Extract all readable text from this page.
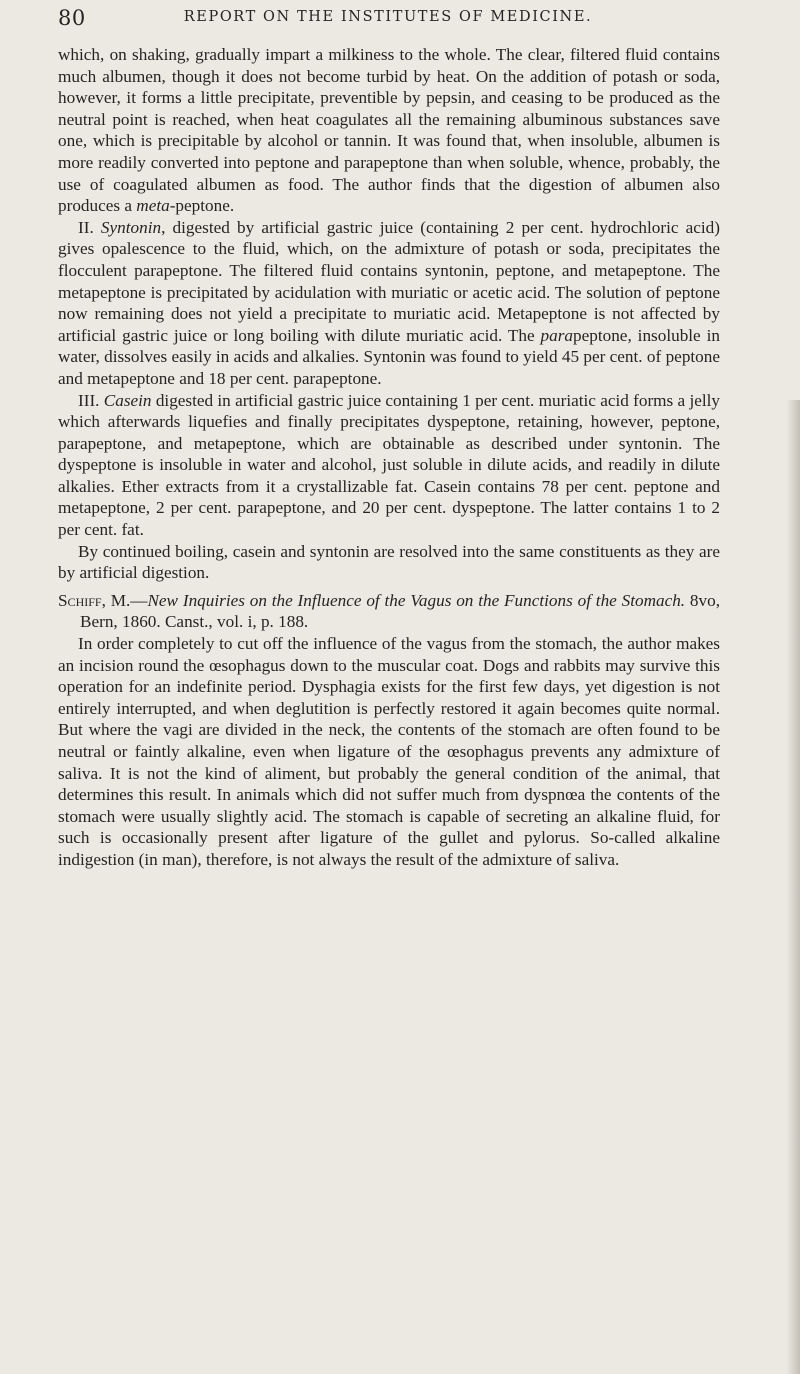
80	REPORT ON THE INSTITUTES OF MEDICINE.

which, on shaking, gradually impart a milkiness to the whole. The clear, filtered fluid contains much albumen, though it does not become turbid by heat. On the addition of potash or soda, however, it forms a little precipitate, preventible by pepsin, and ceasing to be produced as the neutral point is reached, when heat coagulates all the remaining albuminous substances save one, which is precipitable by alcohol or tannin. It was found that, when insoluble, albumen is more readily converted into peptone and parapeptone than when soluble, whence, probably, the use of coagulated albumen as food. The author finds that the digestion of albumen also produces a meta-peptone.

II. Syntonin, digested by artificial gastric juice (containing 2 per cent. hydrochloric acid) gives opalescence to the fluid, which, on the admixture of potash or soda, precipitates the flocculent parapeptone. The filtered fluid contains syntonin, peptone, and metapeptone. The metapeptone is precipitated by acidulation with muriatic or acetic acid. The solution of peptone now remaining does not yield a precipitate to muriatic acid. Metapeptone is not affected by artificial gastric juice or long boiling with dilute muriatic acid. The parapeptone, insoluble in water, dissolves easily in acids and alkalies. Syntonin was found to yield 45 per cent. of peptone and metapeptone and 18 per cent. parapeptone.

III. Casein digested in artificial gastric juice containing 1 per cent. muriatic acid forms a jelly which afterwards liquefies and finally precipitates dyspeptone, retaining, however, peptone, parapeptone, and metapeptone, which are obtainable as described under syntonin. The dyspeptone is insoluble in water and alcohol, just soluble in dilute acids, and readily in dilute alkalies. Ether extracts from it a crystallizable fat. Casein contains 78 per cent. peptone and metapeptone, 2 per cent. parapeptone, and 20 per cent. dyspeptone. The latter contains 1 to 2 per cent. fat.

By continued boiling, casein and syntonin are resolved into the same constituents as they are by artificial digestion.

Schiff, M.—New Inquiries on the Influence of the Vagus on the Functions of the Stomach. 8vo, Bern, 1860. Canst., vol. i, p. 188.

In order completely to cut off the influence of the vagus from the stomach, the author makes an incision round the œsophagus down to the muscular coat. Dogs and rabbits may survive this operation for an indefinite period. Dysphagia exists for the first few days, yet digestion is not entirely interrupted, and when deglutition is perfectly restored it again becomes quite normal. But where the vagi are divided in the neck, the contents of the stomach are often found to be neutral or faintly alkaline, even when ligature of the œsophagus prevents any admixture of saliva. It is not the kind of aliment, but probably the general condition of the animal, that determines this result. In animals which did not suffer much from dyspnœa the contents of the stomach were usually slightly acid. The stomach is capable of secreting an alkaline fluid, for such is occasionally present after ligature of the gullet and pylorus. So-called alkaline indigestion (in man), therefore, is not always the result of the admixture of saliva.
